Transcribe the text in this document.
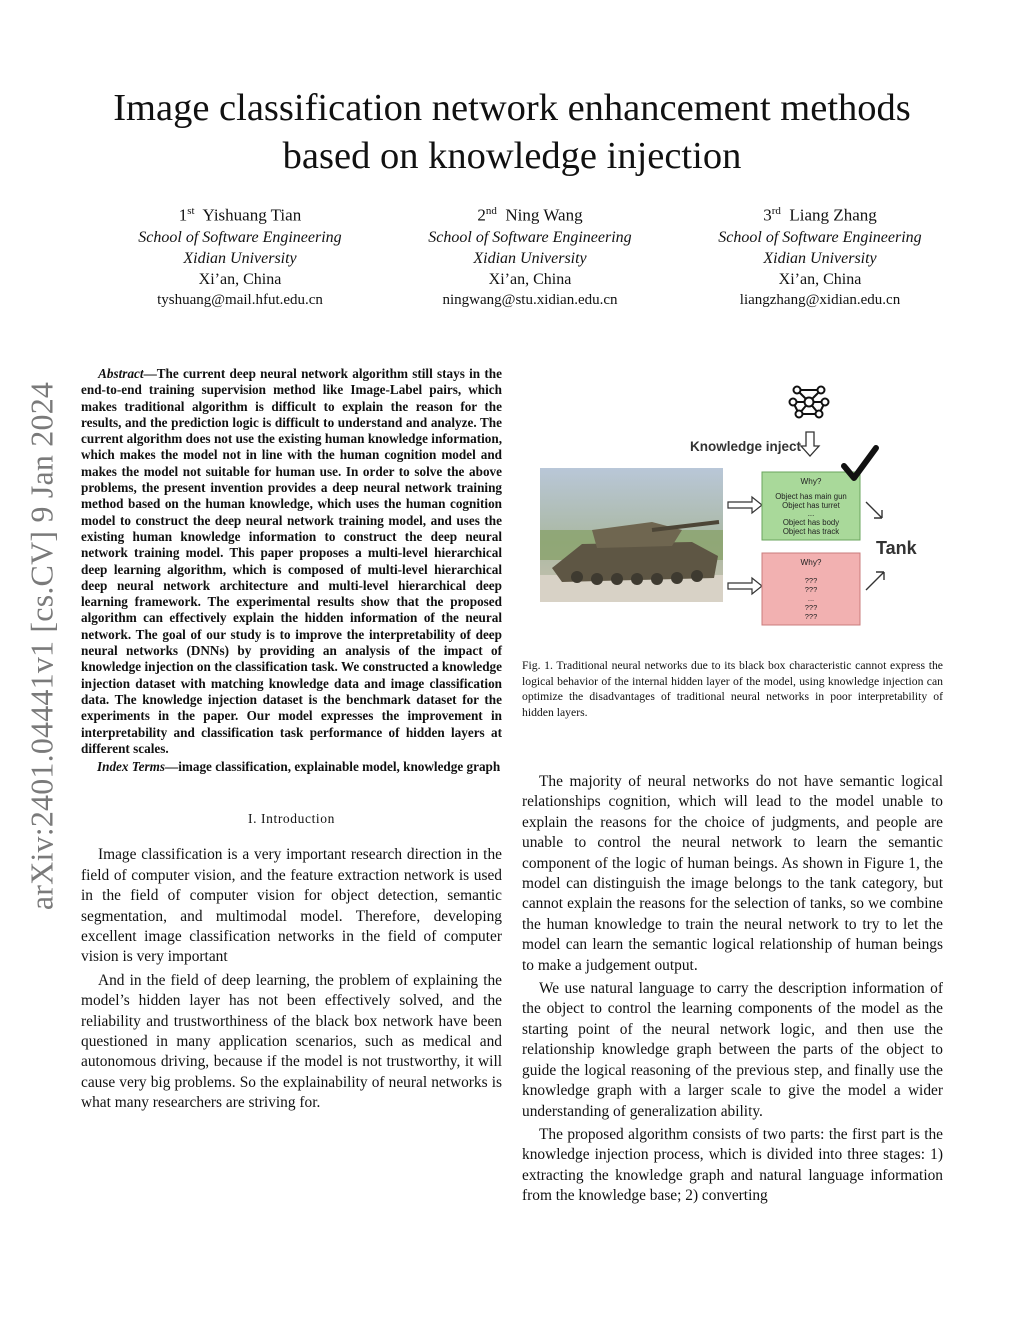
arXiv:2401.04441v1 [cs.CV] 9 Jan 2024
Image classification network enhancement methods
based on knowledge injection
1st Yishuang Tian
School of Software Engineering
Xidian University
Xi’an, China
tyshuang@mail.hfut.edu.cn
2nd Ning Wang
School of Software Engineering
Xidian University
Xi’an, China
ningwang@stu.xidian.edu.cn
3rd Liang Zhang
School of Software Engineering
Xidian University
Xi’an, China
liangzhang@xidian.edu.cn

Abstract—The current deep neural network algorithm still stays in the end-to-end training supervision method like Image-Label pairs, which makes traditional algorithm is difficult to explain the reason for the results, and the prediction logic is difficult to understand and analyze. The current algorithm does not use the existing human knowledge information, which makes the model not in line with the human cognition model and makes the model not suitable for human use. In order to solve the above problems, the present invention provides a deep neural network training method based on the human knowledge, which uses the human cognition model to construct the deep neural network training model, and uses the existing human knowledge information to construct the deep neural network training model. This paper proposes a multi-level hierarchical deep learning algorithm, which is composed of multi-level hierarchical deep neural network architecture and multi-level hierarchical deep learning framework. The experimental results show that the proposed algorithm can effectively explain the hidden information of the neural network. The goal of our study is to improve the interpretability of deep neural networks (DNNs) by providing an analysis of the impact of knowledge injection on the classification task. We constructed a knowledge injection dataset with matching knowledge data and image classification data. The knowledge injection dataset is the benchmark dataset for the experiments in the paper. Our model expresses the improvement in interpretability and classification task performance of hidden layers at different scales.

Index Terms—image classification, explainable model, knowledge graph

I. Introduction

Image classification is a very important research direction in the field of computer vision, and the feature extraction network is used in the field of computer vision for object detection, semantic segmentation, and multimodal model. Therefore, developing excellent image classification networks in the field of computer vision is very important

And in the field of deep learning, the problem of explaining the model’s hidden layer has not been effectively solved, and the reliability and trustworthiness of the black box network have been questioned in many application scenarios, such as medical and autonomous driving, because if the model is not trustworthy, it will cause very big problems. So the explainability of neural networks is what many researchers are striving for.

Knowledge inject
Why?
Object has main gun
Object has turret
...
Object has body
Object has track
Why?
???
???
...
???
???
Tank

Fig. 1. Traditional neural networks due to its black box characteristic cannot express the logical behavior of the internal hidden layer of the model, using knowledge injection can optimize the disadvantages of traditional neural networks in poor interpretability of hidden layers.

The majority of neural networks do not have semantic logical relationships cognition, which will lead to the model unable to explain the reasons for the choice of judgments, and people are unable to control the neural network to learn the semantic component of the logic of human beings. As shown in Figure 1, the model can distinguish the image belongs to the tank category, but cannot explain the reasons for the selection of tanks, so we combine the human knowledge to train the neural network to try to let the model can learn the semantic logical relationship of human beings to make a judgement output.

We use natural language to carry the description information of the object to control the learning components of the model as the starting point of the neural network logic, and then use the relationship knowledge graph between the parts of the object to guide the logical reasoning of the previous step, and finally use the knowledge graph with a larger scale to give the model a wider understanding of generalization ability.

The proposed algorithm consists of two parts: the first part is the knowledge injection process, which is divided into three stages: 1) extracting the knowledge graph and natural language information from the knowledge base; 2) converting
